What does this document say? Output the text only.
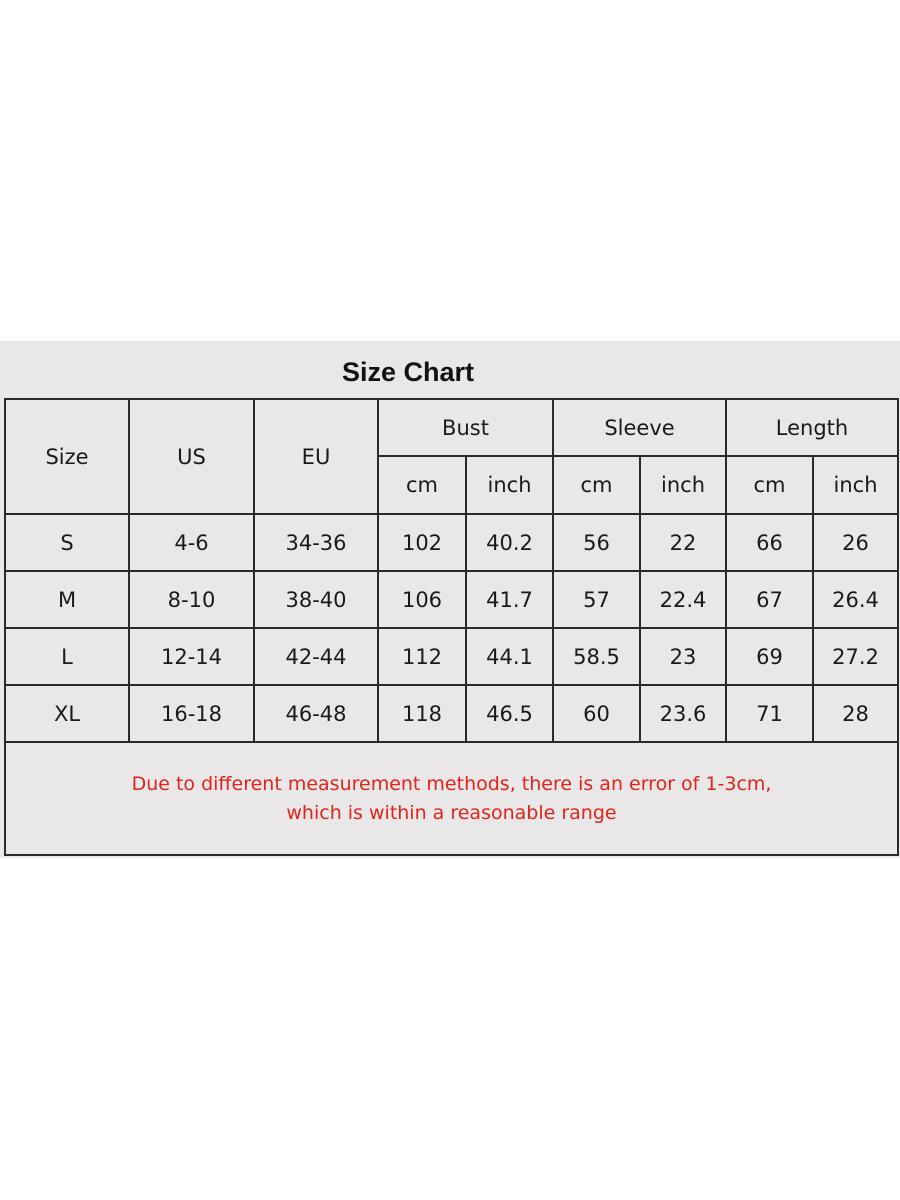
Size Chart
Size	US	EU	Bust		Sleeve		Length	
			cm	inch	cm	inch	cm	inch
S	4-6	34-36	102	40.2	56	22	66	26
M	8-10	38-40	106	41.7	57	22.4	67	26.4
L	12-14	42-44	112	44.1	58.5	23	69	27.2
XL	16-18	46-48	118	46.5	60	23.6	71	28

Due to different measurement methods, there is an error of 1-3cm,
which is within a reasonable range								
